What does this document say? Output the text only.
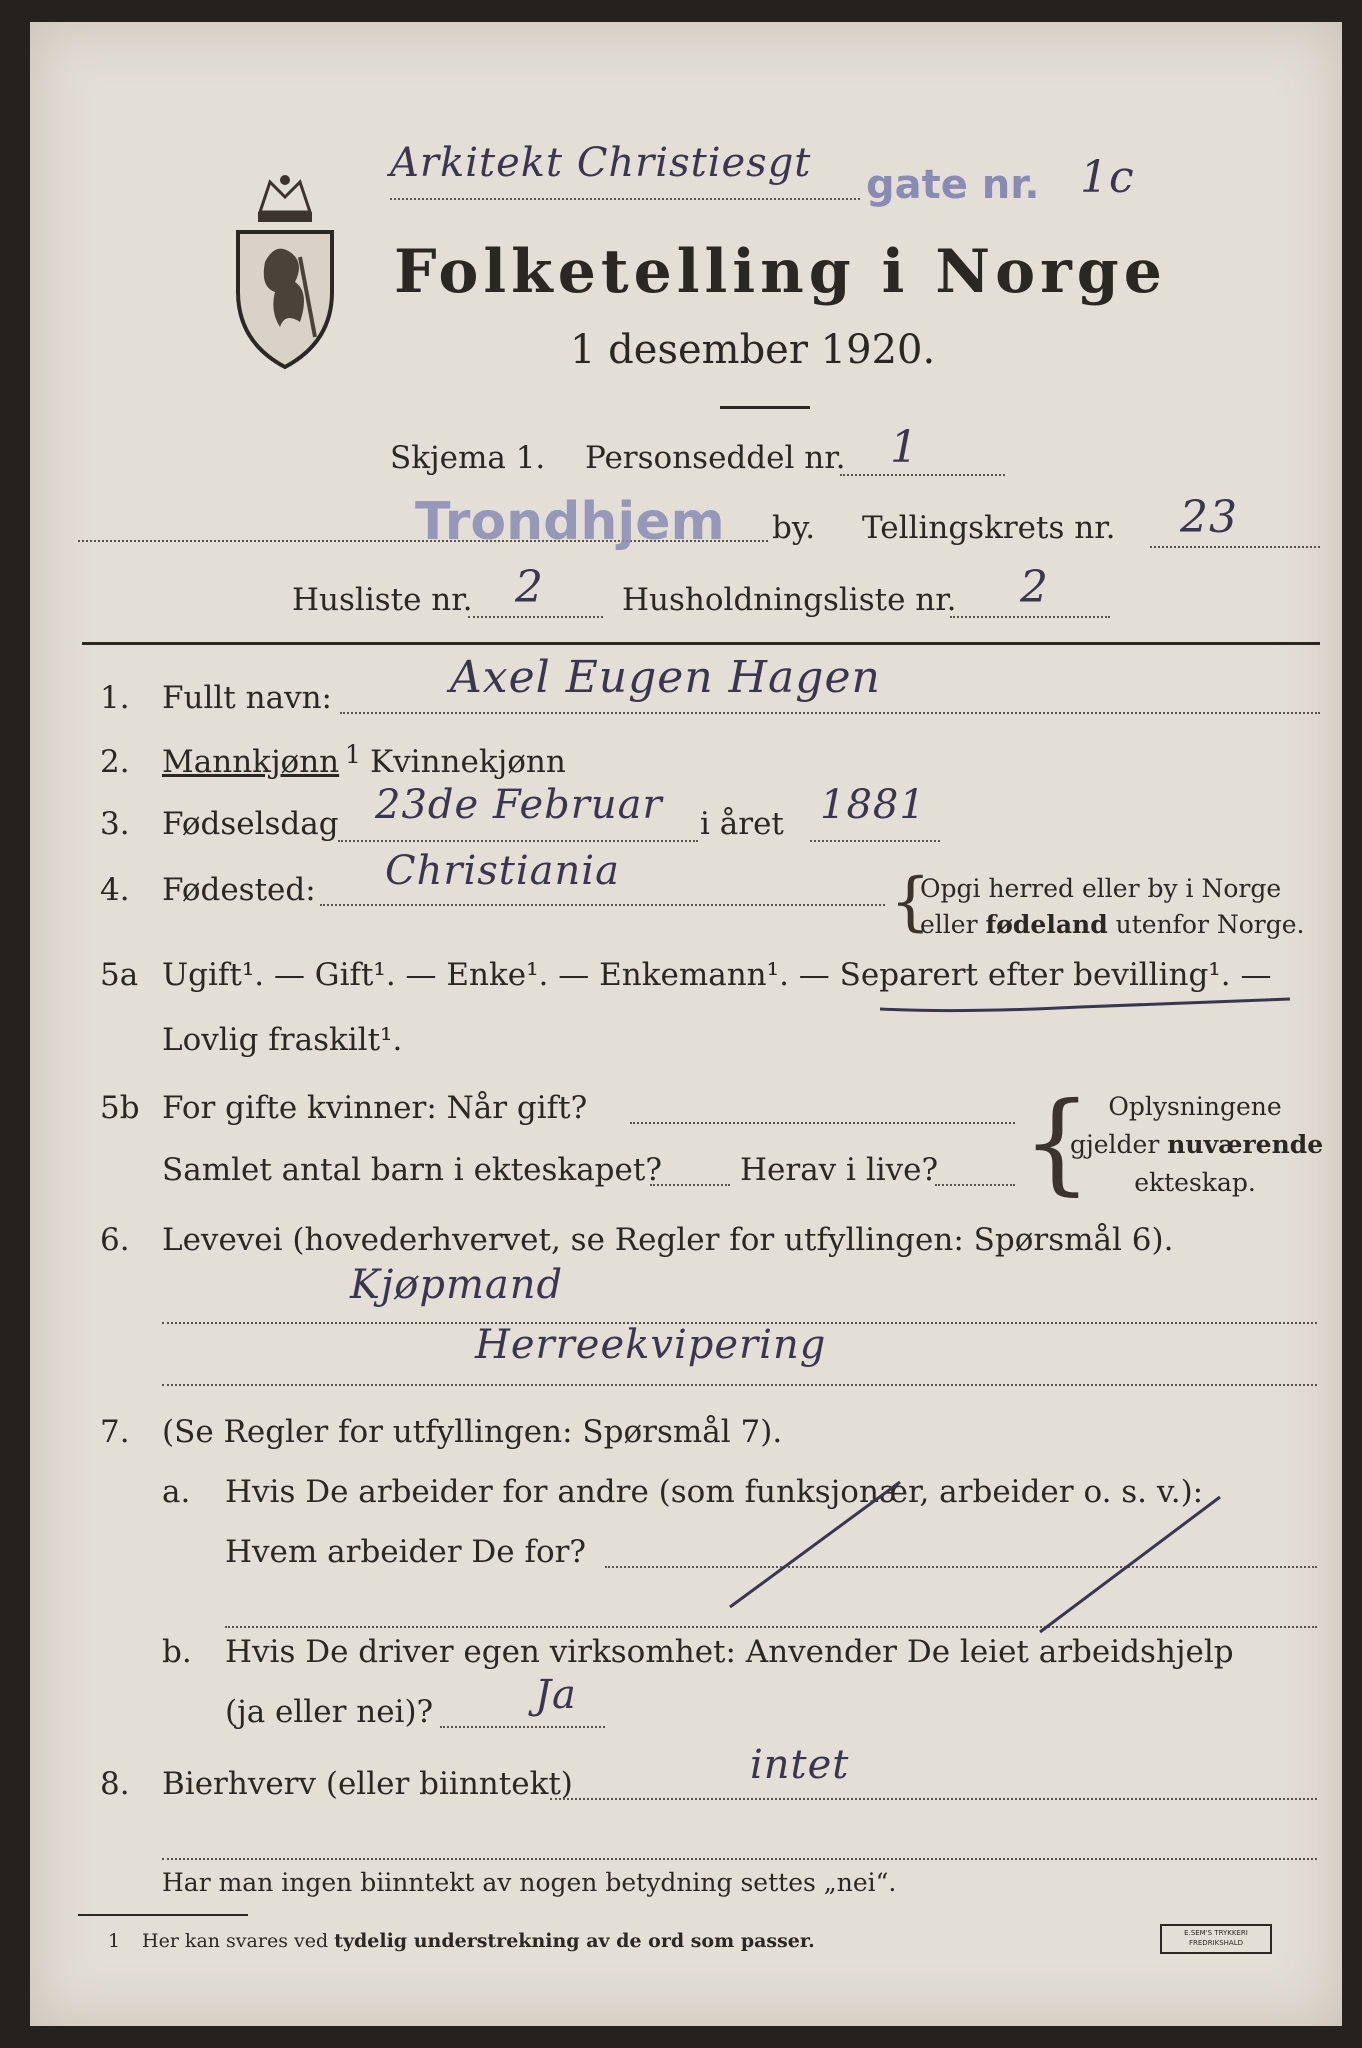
Arkitekt Christiesgt gate nr. 1c
Folketelling i Norge
1 desember 1920.
Skjema 1. Personseddel nr. 1
Trondhjem by. Tellingskrets nr. 23
Husliste nr. 2	Husholdningsliste nr. 2
1. Fullt navn:	Axel Eugen Hagen
2. Mannkjønn 1 Kvinnekjønn
3. Fødselsdag 23de Februar i året 1881
4. Fødested: Christiania	{
Opgi herred eller by i Norge
eller fødeland utenfor Norge.
5a Ugift¹. — Gift¹. — Enke¹. — Enkemann¹. — Separert efter bevilling¹. —
Lovlig fraskilt¹.
5b For gifte kvinner: Når gift?
Samlet antal barn i ekteskapet?	Herav i live? { Oplysningene
gjelder nuværende
ekteskap.
6. Levevei (hovederhvervet, se Regler for utfyllingen: Spørsmål 6).
Kjøpmand
Herreekvipering
7. (Se Regler for utfyllingen: Spørsmål 7).
a. Hvis De arbeider for andre (som funksjonær, arbeider o. s. v.):
Hvem arbeider De for?
b. Hvis De driver egen virksomhet: Anvender De leiet arbeidshjelp
(ja eller nei)?	Ja
8. Bierhverv (eller biinntekt)	intet
Har man ingen biinntekt av nogen betydning settes „nei“.
1 Her kan svares ved tydelig understrekning av de ord som passer.	E.SEM'S TRYKKERI
FREDRIKSHALD
